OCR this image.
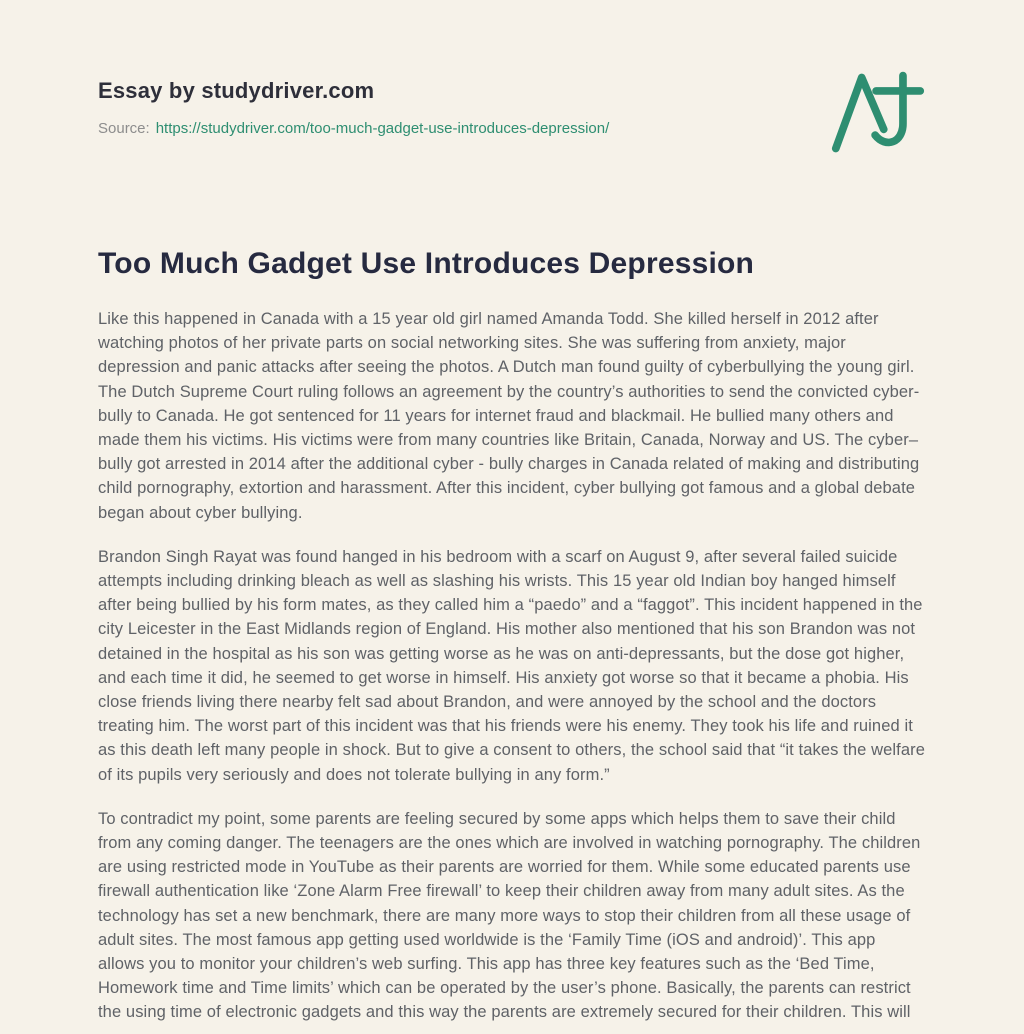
Essay by studydriver.com
Source: https://studydriver.com/too-much-gadget-use-introduces-depression/
Too Much Gadget Use Introduces Depression

Like this happened in Canada with a 15 year old girl named Amanda Todd. She killed herself in 2012 after watching photos of her private parts on social networking sites. She was suffering from anxiety, major depression and panic attacks after seeing the photos. A Dutch man found guilty of cyberbullying the young girl. The Dutch Supreme Court ruling follows an agreement by the country’s authorities to send the convicted cyber-bully to Canada. He got sentenced for 11 years for internet fraud and blackmail. He bullied many others and made them his victims. His victims were from many countries like Britain, Canada, Norway and US. The cyber–bully got arrested in 2014 after the additional cyber - bully charges in Canada related of making and distributing child pornography, extortion and harassment. After this incident, cyber bullying got famous and a global debate began about cyber bullying.

Brandon Singh Rayat was found hanged in his bedroom with a scarf on August 9, after several failed suicide attempts including drinking bleach as well as slashing his wrists. This 15 year old Indian boy hanged himself after being bullied by his form mates, as they called him a “paedo” and a “faggot”. This incident happened in the city Leicester in the East Midlands region of England. His mother also mentioned that his son Brandon was not detained in the hospital as his son was getting worse as he was on anti-depressants, but the dose got higher, and each time it did, he seemed to get worse in himself. His anxiety got worse so that it became a phobia. His close friends living there nearby felt sad about Brandon, and were annoyed by the school and the doctors treating him. The worst part of this incident was that his friends were his enemy. They took his life and ruined it as this death left many people in shock. But to give a consent to others, the school said that “it takes the welfare of its pupils very seriously and does not tolerate bullying in any form.”

To contradict my point, some parents are feeling secured by some apps which helps them to save their child from any coming danger. The teenagers are the ones which are involved in watching pornography. The children are using restricted mode in YouTube as their parents are worried for them. While some educated parents use firewall authentication like ‘Zone Alarm Free firewall’ to keep their children away from many adult sites. As the technology has set a new benchmark, there are many more ways to stop their children from all these usage of adult sites. The most famous app getting used worldwide is the ‘Family Time (iOS and android)’. This app allows you to monitor your children’s web surfing. This app has three key features such as the ‘Bed Time, Homework time and Time limits’ which can be operated by the user’s phone. Basically, the parents can restrict the using time of electronic gadgets and this way the parents are extremely secured for their children. This will
